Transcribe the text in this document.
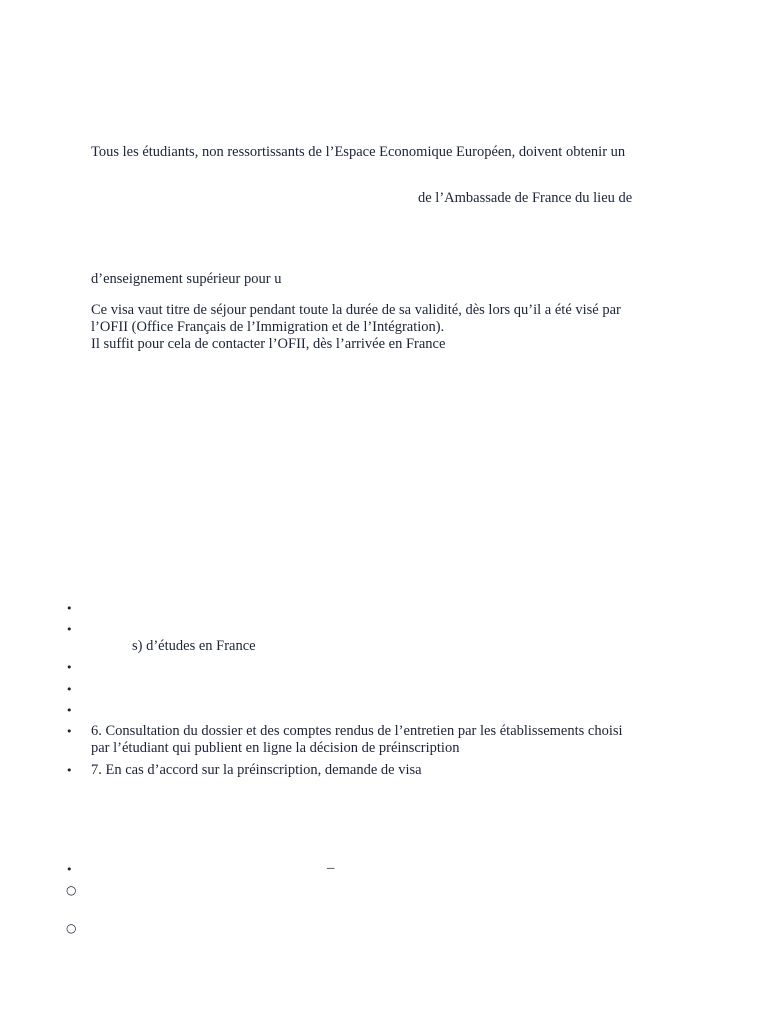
Tous les étudiants, non ressortissants de l’Espace Economique Européen, doivent obtenir un
de l’Ambassade de France du lieu de
d’enseignement supérieur pour u
Ce visa vaut titre de séjour pendant toute la durée de sa validité, dès lors qu’il a été visé par
l’OFII (Office Français de l’Immigration et de l’Intégration).
Il suffit pour cela de contacter l’OFII, dès l’arrivée en France
•
•
s) d’études en France
•
•
•
• 6. Consultation du dossier et des comptes rendus de l’entretien par les établissements choisi
par l’étudiant qui publient en ligne la décision de préinscription
• 7. En cas d’accord sur la préinscription, demande de visa
•	–
○
○
